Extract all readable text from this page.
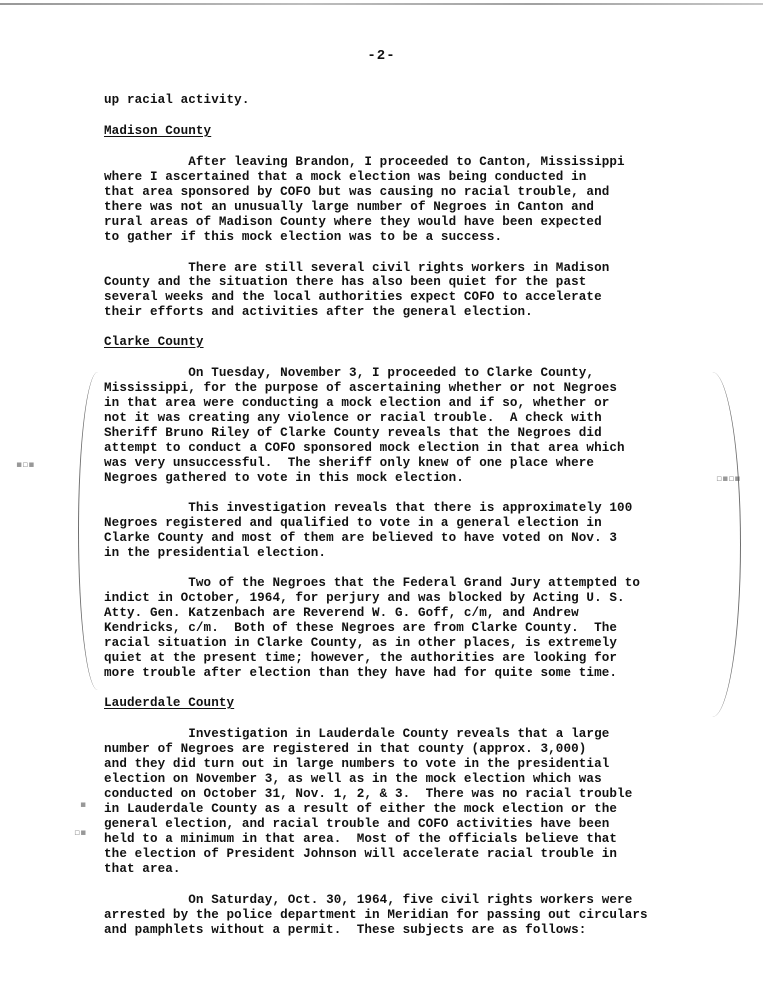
-2-
up racial activity.
Madison County
After leaving Brandon, I proceeded to Canton, Mississippi
where I ascertained that a mock election was being conducted in
that area sponsored by COFO but was causing no racial trouble, and
there was not an unusually large number of Negroes in Canton and
rural areas of Madison County where they would have been expected
to gather if this mock election was to be a success.
There are still several civil rights workers in Madison
County and the situation there has also been quiet for the past
several weeks and the local authorities expect COFO to accelerate
their efforts and activities after the general election.
Clarke County
On Tuesday, November 3, I proceeded to Clarke County,
Mississippi, for the purpose of ascertaining whether or not Negroes
in that area were conducting a mock election and if so, whether or
not it was creating any violence or racial trouble.  A check with
Sheriff Bruno Riley of Clarke County reveals that the Negroes did
attempt to conduct a COFO sponsored mock election in that area which
was very unsuccessful.  The sheriff only knew of one place where
Negroes gathered to vote in this mock election.
This investigation reveals that there is approximately 100
Negroes registered and qualified to vote in a general election in
Clarke County and most of them are believed to have voted on Nov. 3
in the presidential election.
Two of the Negroes that the Federal Grand Jury attempted to
indict in October, 1964, for perjury and was blocked by Acting U. S.
Atty. Gen. Katzenbach are Reverend W. G. Goff, c/m, and Andrew
Kendricks, c/m.  Both of these Negroes are from Clarke County.  The
racial situation in Clarke County, as in other places, is extremely
quiet at the present time; however, the authorities are looking for
more trouble after election than they have had for quite some time.
Lauderdale County
Investigation in Lauderdale County reveals that a large
number of Negroes are registered in that county (approx. 3,000)
and they did turn out in large numbers to vote in the presidential
election on November 3, as well as in the mock election which was
conducted on October 31, Nov. 1, 2, & 3.  There was no racial trouble
in Lauderdale County as a result of either the mock election or the
general election, and racial trouble and COFO activities have been
held to a minimum in that area.  Most of the officials believe that
the election of President Johnson will accelerate racial trouble in
that area.
On Saturday, Oct. 30, 1964, five civil rights workers were
arrested by the police department in Meridian for passing out circulars
and pamphlets without a permit.  These subjects are as follows:
▪▫▪
▫▪▫▪
▪
▫▪
